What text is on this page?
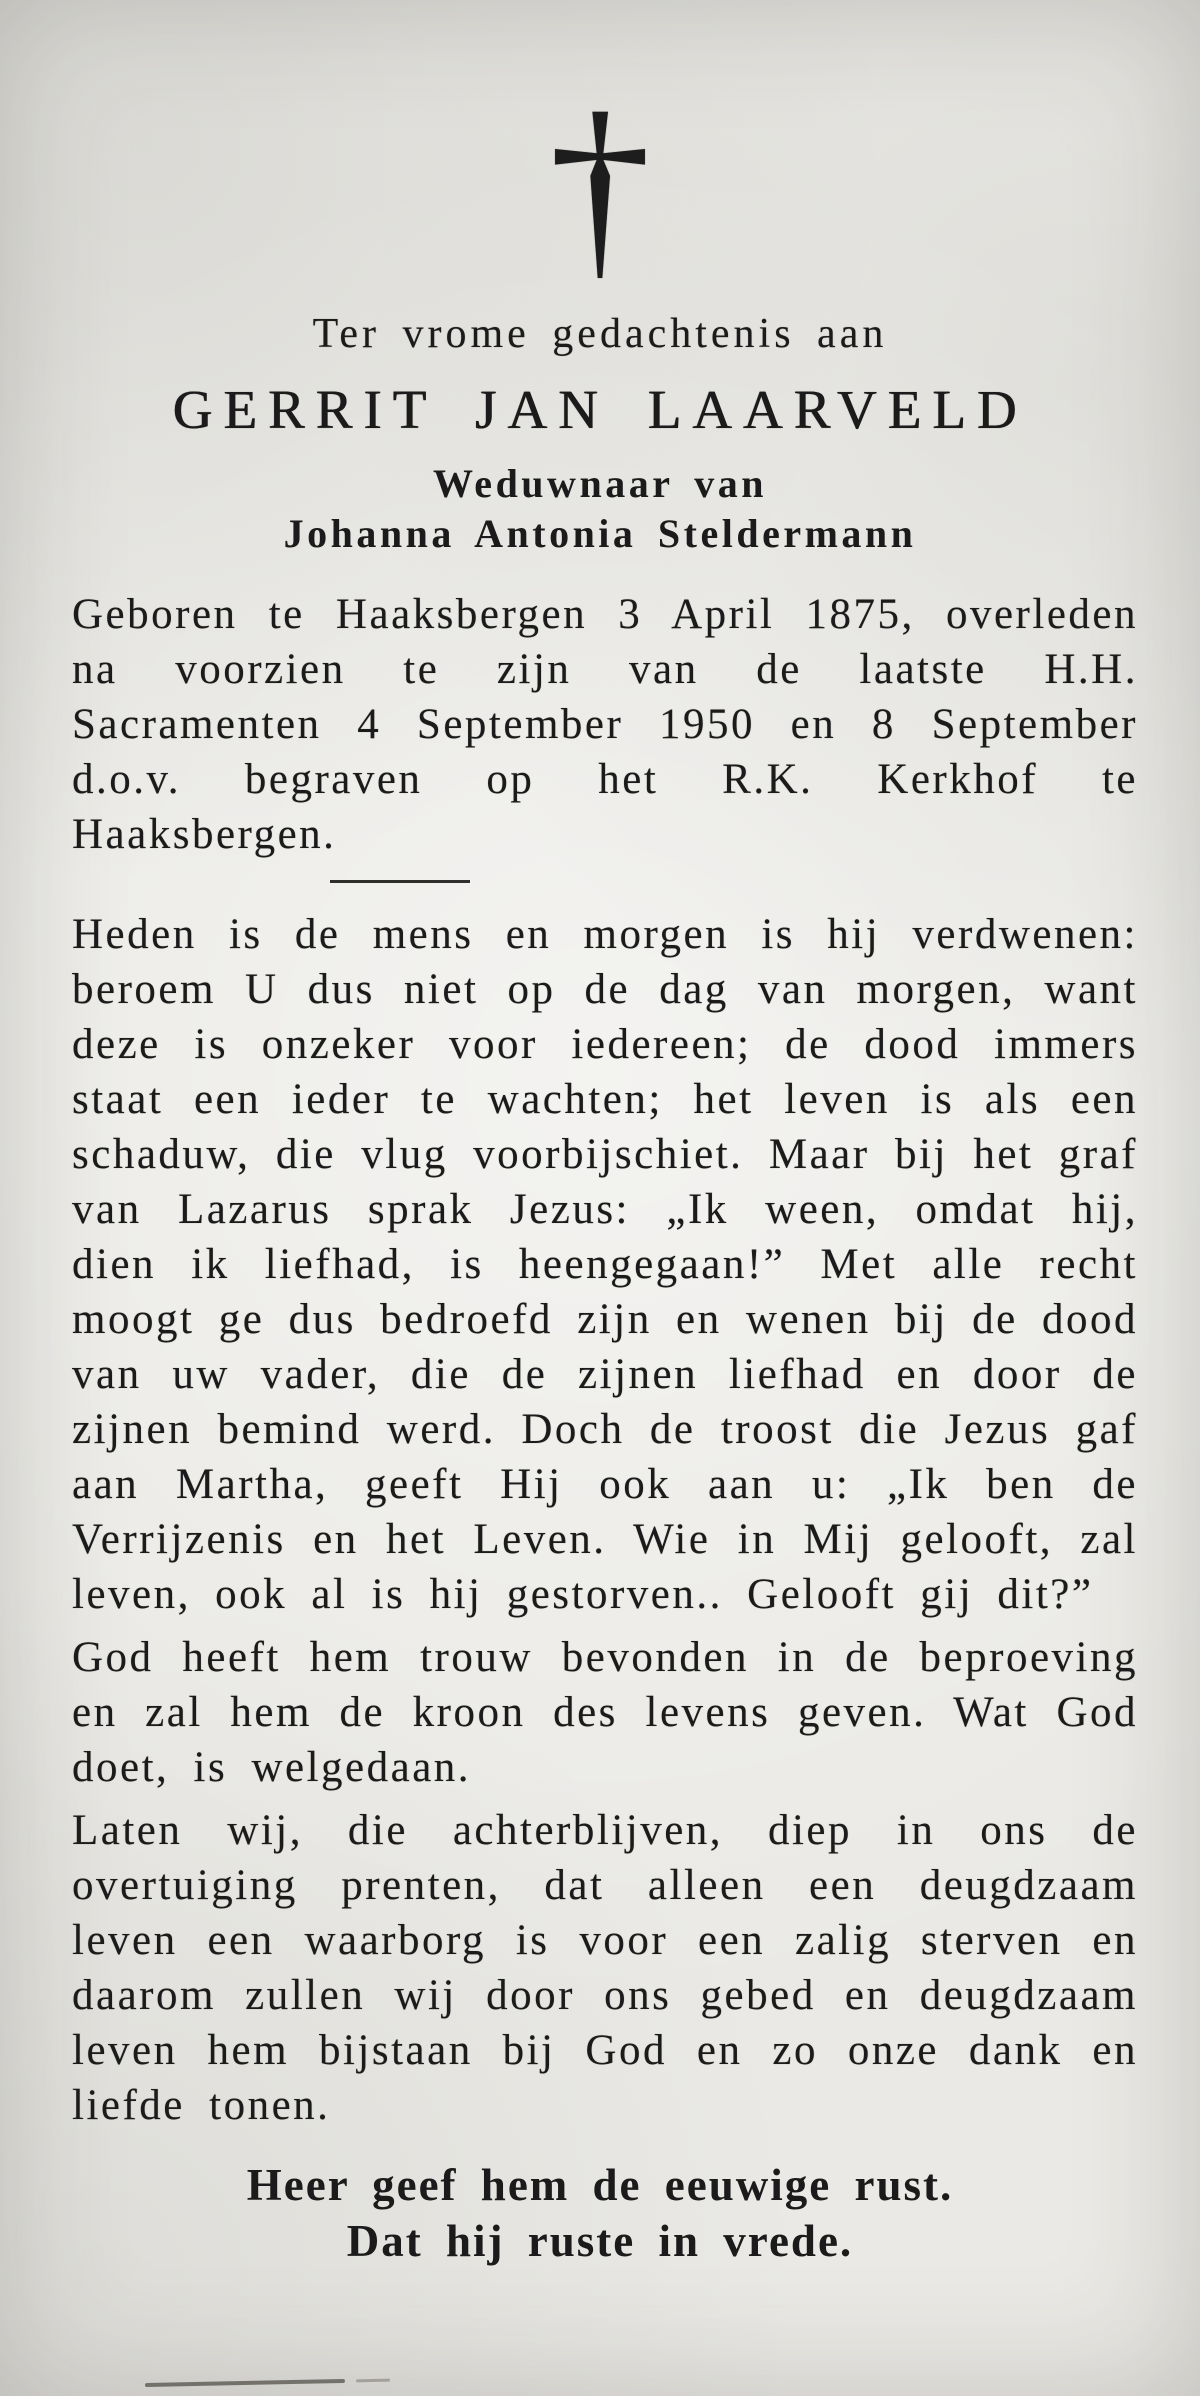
†
Ter vrome gedachtenis aan
GERRIT JAN LAARVELD
Weduwnaar van
Johanna Antonia Steldermann

Geboren te Haaksbergen 3 April 1875, overleden na voorzien te zijn van de laatste H.H. Sacramenten 4 September 1950 en 8 September d.o.v. begraven op het R.K. Kerkhof te Haaksbergen.

Heden is de mens en morgen is hij verdwenen: beroem U dus niet op de dag van morgen, want deze is onzeker voor iedereen; de dood immers staat een ieder te wachten; het leven is als een schaduw, die vlug voorbijschiet. Maar bij het graf van Lazarus sprak Jezus: „Ik ween, omdat hij, dien ik liefhad, is heengegaan!” Met alle recht moogt ge dus bedroefd zijn en wenen bij de dood van uw vader, die de zijnen liefhad en door de zijnen bemind werd. Doch de troost die Jezus gaf aan Martha, geeft Hij ook aan u: „Ik ben de Verrijzenis en het Leven. Wie in Mij gelooft, zal leven, ook al is hij gestorven.. Gelooft gij dit?”

God heeft hem trouw bevonden in de beproeving en zal hem de kroon des levens geven. Wat God doet, is welgedaan.

Laten wij, die achterblijven, diep in ons de overtuiging prenten, dat alleen een deugdzaam leven een waarborg is voor een zalig sterven en daarom zullen wij door ons gebed en deugdzaam leven hem bijstaan bij God en zo onze dank en liefde tonen.

Heer geef hem de eeuwige rust.
Dat hij ruste in vrede.
